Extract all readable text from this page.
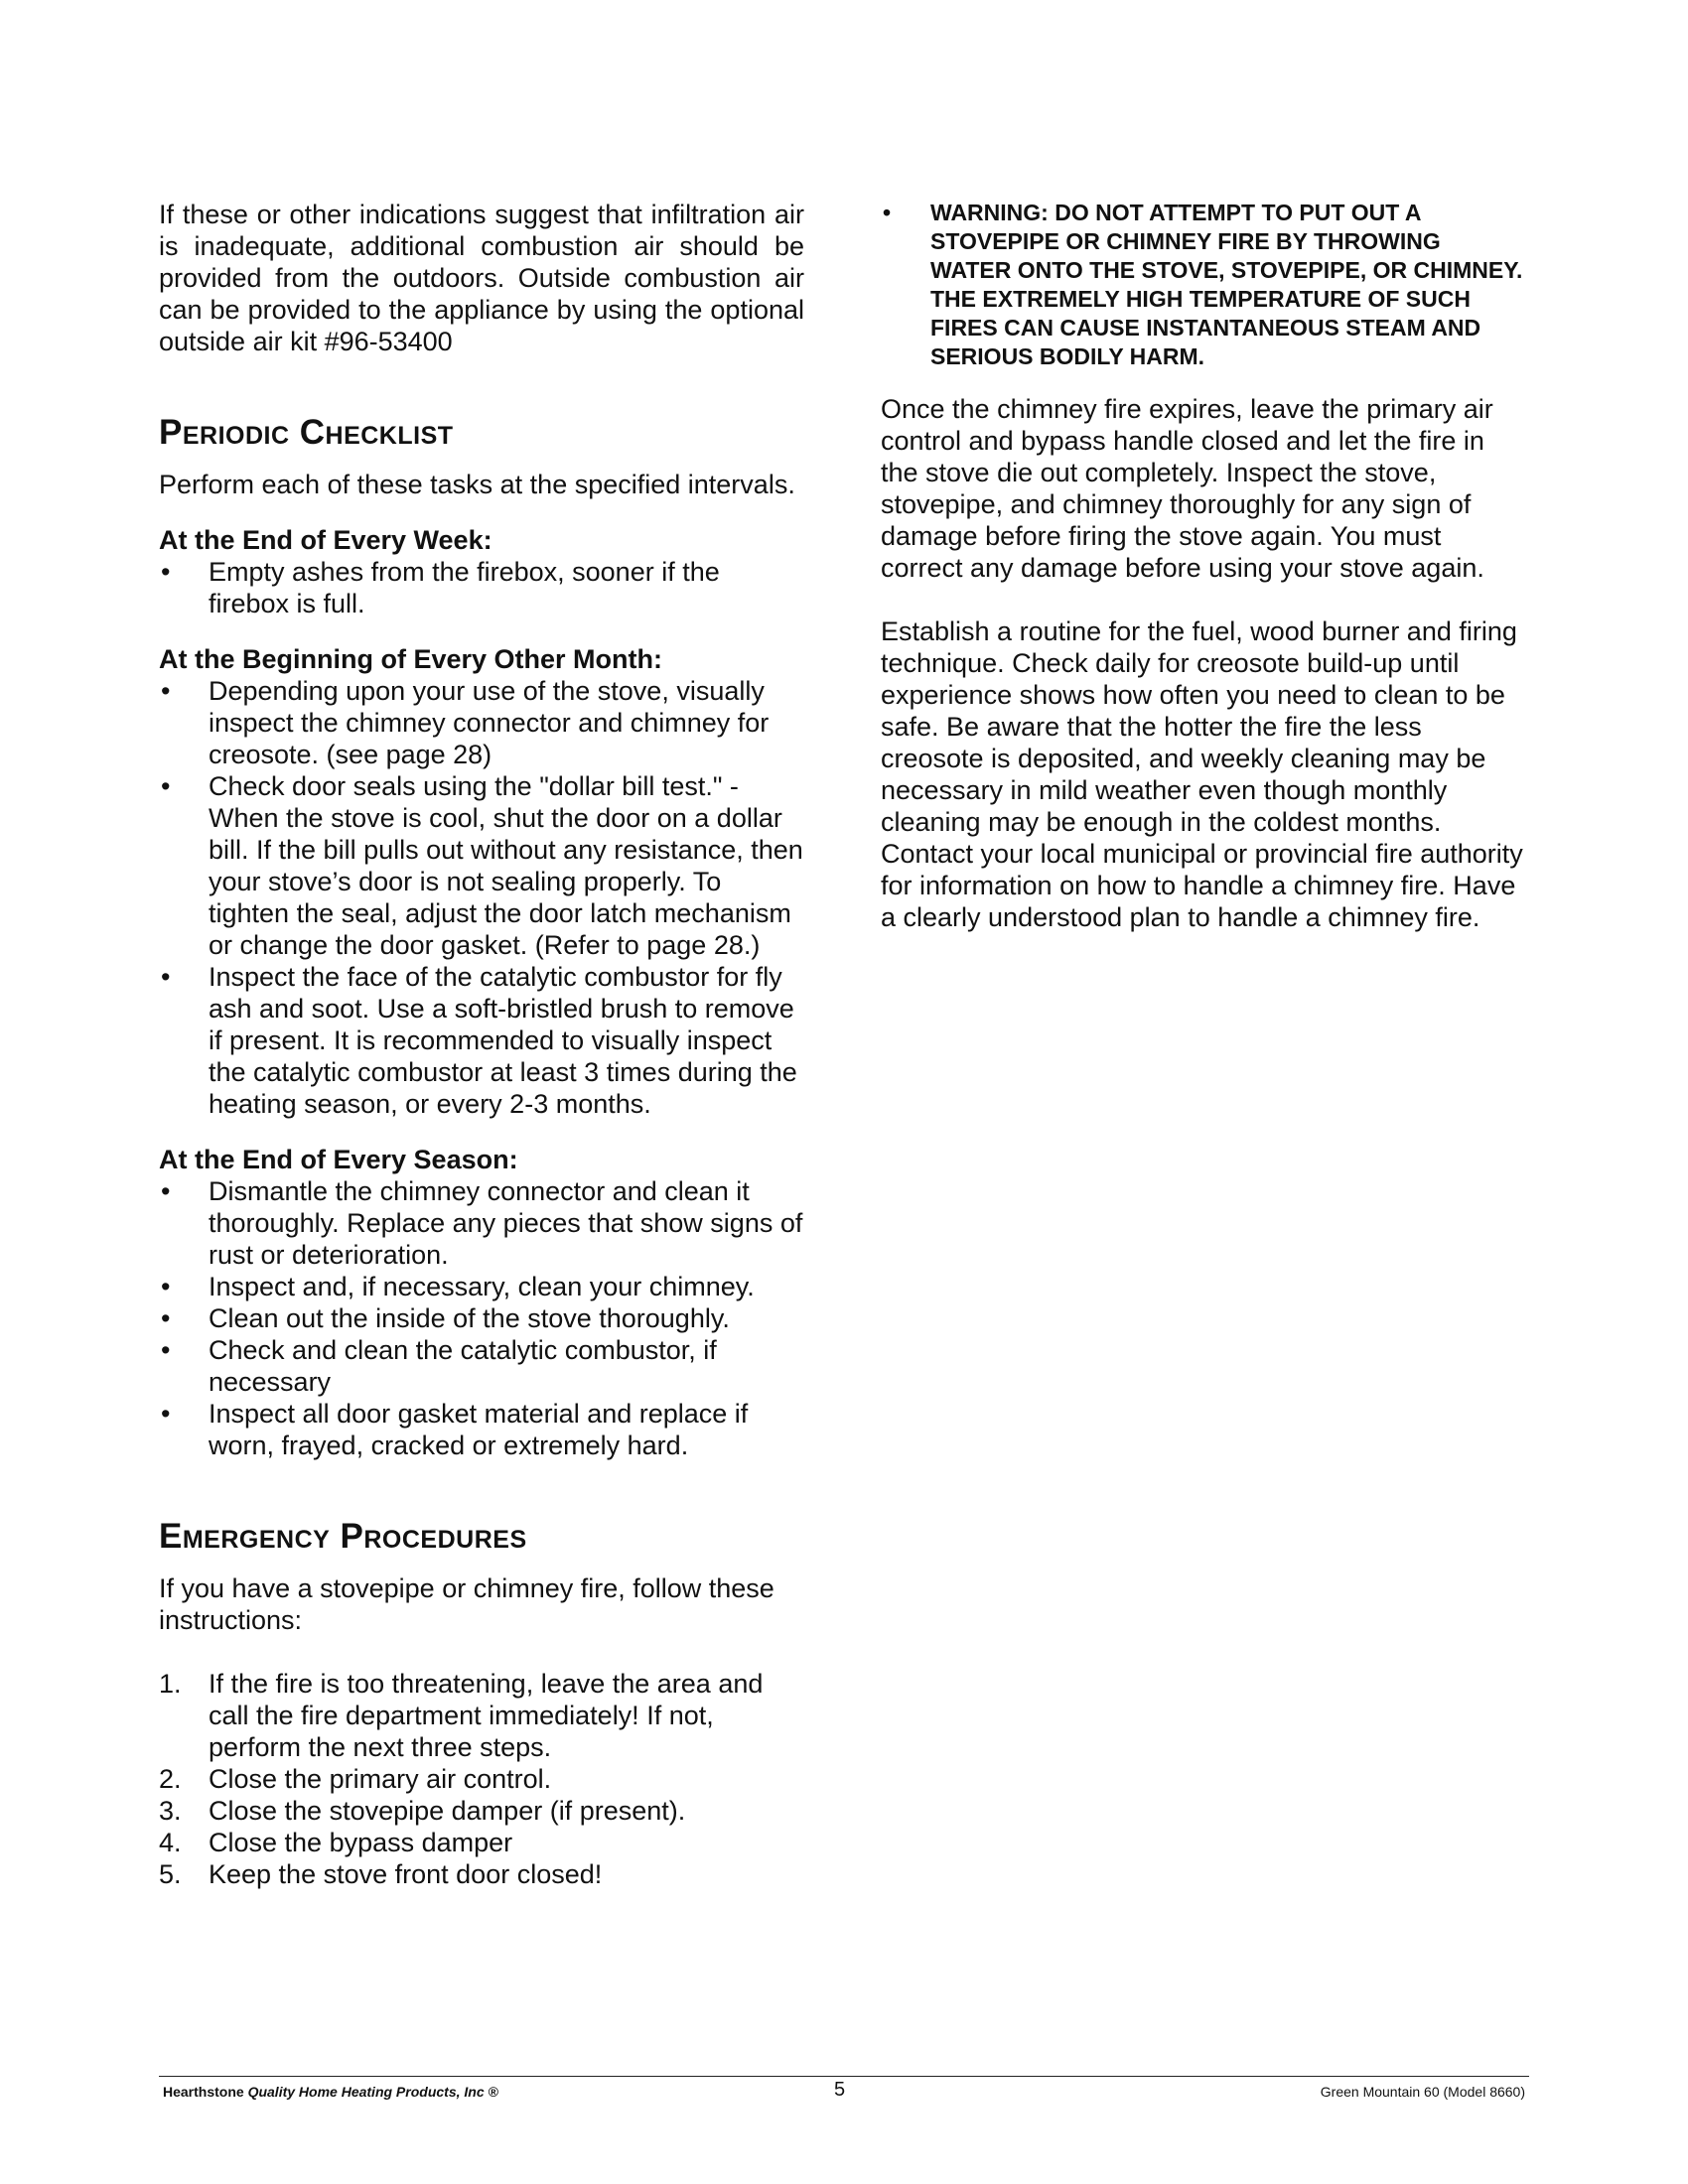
If these or other indications suggest that infiltration air is inadequate, additional combustion air should be provided from the outdoors. Outside combustion air can be provided to the appliance by using the optional outside air kit #96-53400

Periodic Checklist

Perform each of these tasks at the specified intervals.

At the End of Every Week:
• Empty ashes from the firebox, sooner if the firebox is full.
At the Beginning of Every Other Month:
• Depending upon your use of the stove, visually inspect the chimney connector and chimney for creosote. (see page 28)
• Check door seals using the "dollar bill test." - When the stove is cool, shut the door on a dollar bill. If the bill pulls out without any resistance, then your stove’s door is not sealing properly. To tighten the seal, adjust the door latch mechanism or change the door gasket. (Refer to page 28.)
• Inspect the face of the catalytic combustor for fly ash and soot. Use a soft-bristled brush to remove if present. It is recommended to visually inspect the catalytic combustor at least 3 times during the heating season, or every 2-3 months.
At the End of Every Season:
• Dismantle the chimney connector and clean it thoroughly. Replace any pieces that show signs of rust or deterioration.
• Inspect and, if necessary, clean your chimney.
• Clean out the inside of the stove thoroughly.
• Check and clean the catalytic combustor, if necessary
• Inspect all door gasket material and replace if worn, frayed, cracked or extremely hard.
Emergency Procedures

If you have a stovepipe or chimney fire, follow these instructions:

1. If the fire is too threatening, leave the area and call the fire department immediately! If not, perform the next three steps.
2. Close the primary air control.
3. Close the stovepipe damper (if present).
4. Close the bypass damper
5. Keep the stove front door closed!
• WARNING: DO NOT ATTEMPT TO PUT OUT A STOVEPIPE OR CHIMNEY FIRE BY THROWING WATER ONTO THE STOVE, STOVEPIPE, OR CHIMNEY. THE EXTREMELY HIGH TEMPERATURE OF SUCH FIRES CAN CAUSE INSTANTANEOUS STEAM AND SERIOUS BODILY HARM.

Once the chimney fire expires, leave the primary air control and bypass handle closed and let the fire in the stove die out completely. Inspect the stove, stovepipe, and chimney thoroughly for any sign of damage before firing the stove again. You must correct any damage before using your stove again.

Establish a routine for the fuel, wood burner and firing technique. Check daily for creosote build-up until experience shows how often you need to clean to be safe. Be aware that the hotter the fire the less creosote is deposited, and weekly cleaning may be necessary in mild weather even though monthly cleaning may be enough in the coldest months. Contact your local municipal or provincial fire authority for information on how to handle a chimney fire. Have a clearly understood plan to handle a chimney fire.

Hearthstone Quality Home Heating Products, Inc ®	5	Green Mountain 60 (Model 8660)
